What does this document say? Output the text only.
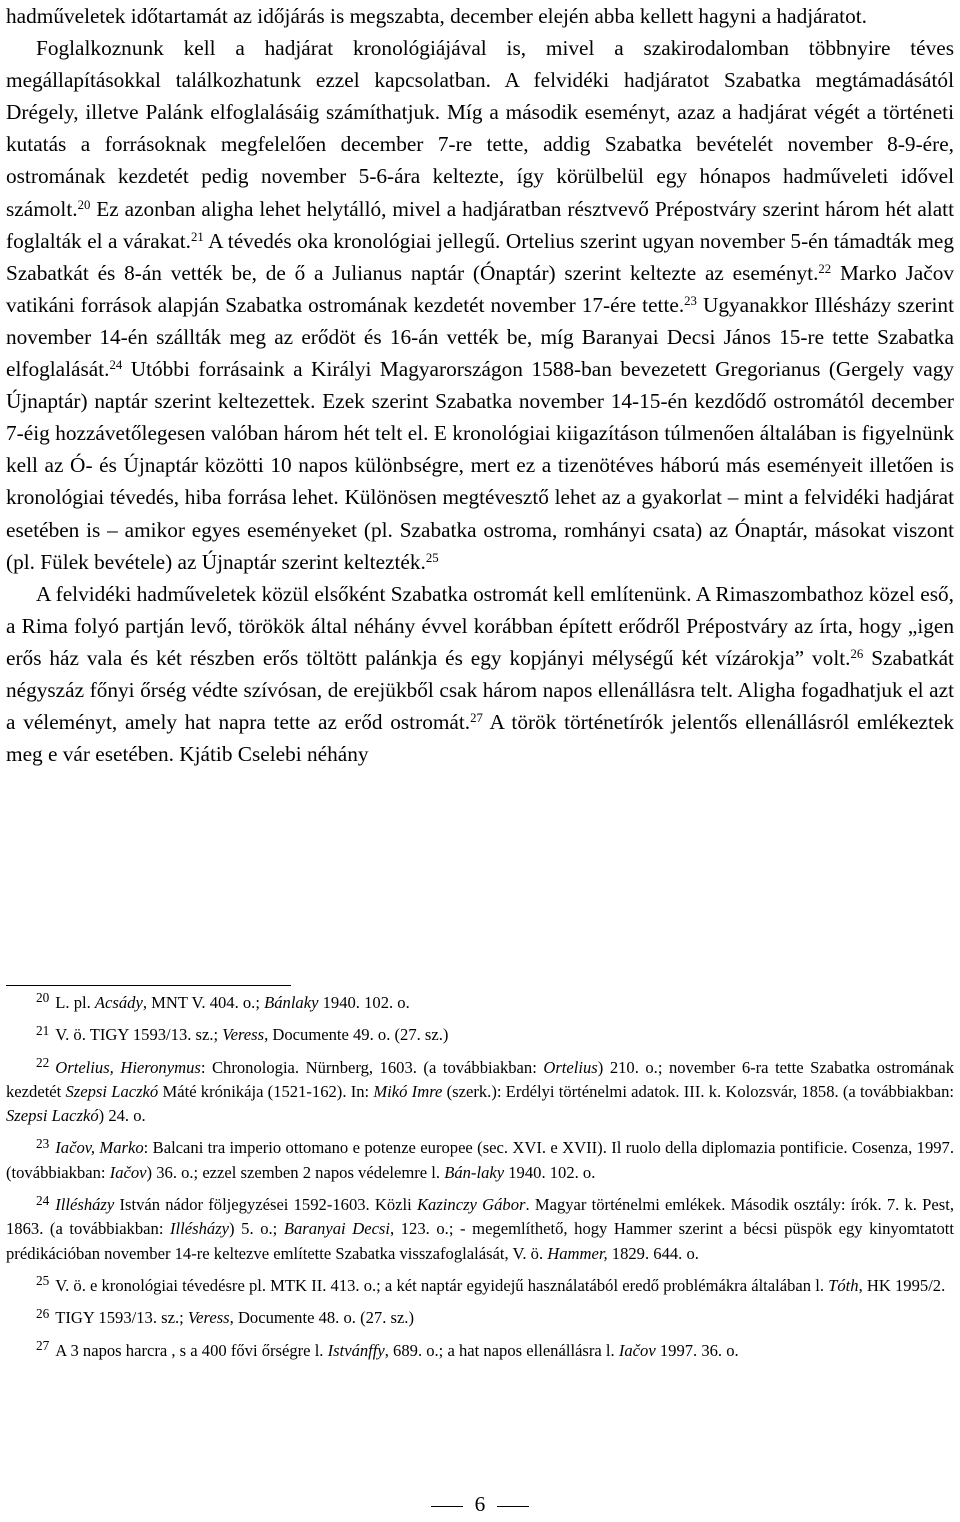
hadműveletek időtartamát az időjárás is megszabta, december elején abba kellett hagyni a hadjáratot.

Foglalkoznunk kell a hadjárat kronológiájával is, mivel a szakirodalomban többnyire téves megállapításokkal találkozhatunk ezzel kapcsolatban. A felvidéki hadjáratot Szabatka megtámadásától Drégely, illetve Palánk elfoglalásáig számíthatjuk. Míg a második eseményt, azaz a hadjárat végét a történeti kutatás a forrásoknak megfelelően december 7-re tette, addig Szabatka bevételét november 8-9-ére, ostromának kezdetét pedig november 5-6-ára keltezte, így körülbelül egy hónapos hadműveleti idővel számolt.$^{20}$ Ez azonban aligha lehet helytálló, mivel a hadjáratban résztvevő Prépostváry szerint három hét alatt foglalták el a várakat.$^{21}$ A tévedés oka kronológiai jellegű. Ortelius szerint ugyan november 5-én támadták meg Szabatkát és 8-án vették be, de ő a Julianus naptár (Ónaptár) szerint keltezte az eseményt.$^{22}$ Marko Jačov vatikáni források alapján Szabatka ostromának kezdetét november 17-ére tette.$^{23}$ Ugyanakkor Illésházy szerint november 14-én szállták meg az erődöt és 16-án vették be, míg Baranyai Decsi János 15-re tette Szabatka elfoglalását.$^{24}$ Utóbbi forrásaink a Királyi Magyarországon 1588-ban bevezetett Gregorianus (Gergely vagy Újnaptár) naptár szerint keltezettek. Ezek szerint Szabatka november 14-15-én kezdődő ostromától december 7-éig hozzávetőlegesen valóban három hét telt el. E kronológiai kiigazításon túlmenően általában is figyelnünk kell az Ó- és Újnaptár közötti 10 napos különbségre, mert ez a tizenötéves háború más eseményeit illetően is kronológiai tévedés, hiba forrása lehet. Különösen megtévesztő lehet az a gyakorlat – mint a felvidéki hadjárat esetében is – amikor egyes eseményeket (pl. Szabatka ostroma, romhányi csata) az Ónaptár, másokat viszont (pl. Fülek bevétele) az Újnaptár szerint keltezték.$^{25}$

A felvidéki hadműveletek közül elsőként Szabatka ostromát kell említenünk. A Rimaszombathoz közel eső, a Rima folyó partján levő, törökök által néhány évvel korábban épített erődről Prépostváry az írta, hogy „igen erős ház vala és két részben erős töltött palánkja és egy kopjányi mélységű két vízárokja” volt.$^{26}$ Szabatkát négyszáz főnyi őrség védte szívósan, de erejükből csak három napos ellenállásra telt. Aligha fogadhatjuk el azt a véleményt, amely hat napra tette az erőd ostromát.$^{27}$ A török történetírók jelentős ellenállásról emlékeztek meg e vár esetében. Kjátib Cselebi néhány

$^{20}$ L. pl. Acsády, MNT V. 404. o.; Bánlaky 1940. 102. o.

$^{21}$ V. ö. TIGY 1593/13. sz.; Veress, Documente 49. o. (27. sz.)

$^{22}$ Ortelius, Hieronymus: Chronologia. Nürnberg, 1603. (a továbbiakban: Ortelius) 210. o.; november 6-ra tette Szabatka ostromának kezdetét Szepsi Laczkó Máté krónikája (1521-162). In: Mikó Imre (szerk.): Erdélyi történelmi adatok. III. k. Kolozsvár, 1858. (a továbbiakban: Szepsi Laczkó) 24. o.

$^{23}$ Iačov, Marko: Balcani tra imperio ottomano e potenze europee (sec. XVI. e XVII). Il ruolo della diplomazia pontificie. Cosenza, 1997. (továbbiakban: Iačov) 36. o.; ezzel szemben 2 napos védelemre l. Bán-laky 1940. 102. o.

$^{24}$ Illésházy István nádor följegyzései 1592-1603. Közli Kazinczy Gábor. Magyar történelmi emlékek. Második osztály: írók. 7. k. Pest, 1863. (a továbbiakban: Illésházy) 5. o.; Baranyai Decsi, 123. o.; - megemlíthető, hogy Hammer szerint a bécsi püspök egy kinyomtatott prédikációban november 14-re keltezve említette Szabatka visszafoglalását, V. ö. Hammer, 1829. 644. o.

$^{25}$ V. ö. e kronológiai tévedésre pl. MTK II. 413. o.; a két naptár egyidejű használatából eredő problémákra általában l. Tóth, HK 1995/2.

$^{26}$ TIGY 1593/13. sz.; Veress, Documente 48. o. (27. sz.)

$^{27}$ A 3 napos harcra , s a 400 fővi őrségre l. Istvánffy, 689. o.; a hat napos ellenállásra l. Iačov 1997. 36. o.

6
